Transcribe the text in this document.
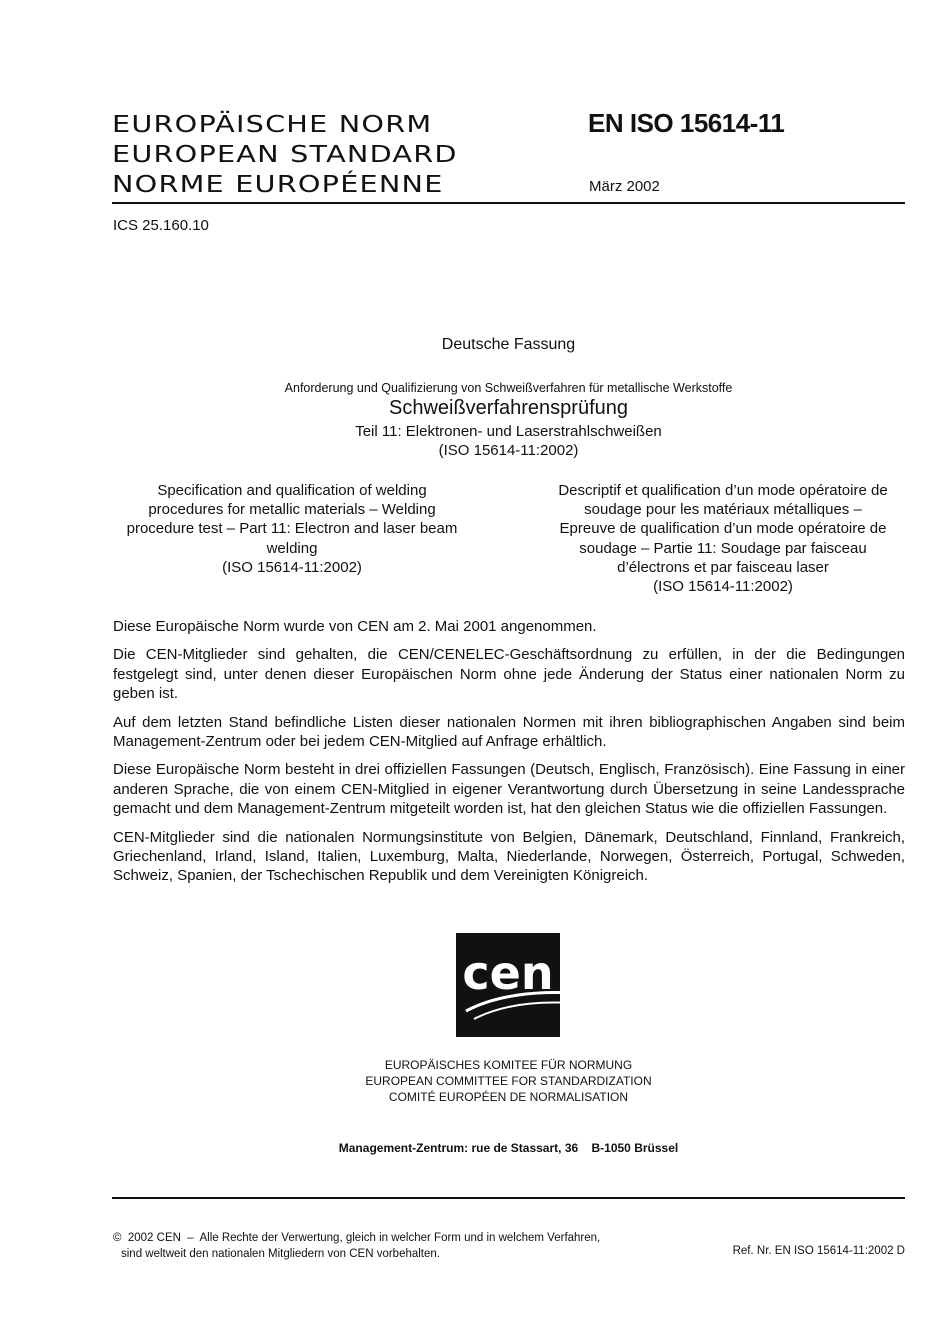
EUROPÄISCHE NORM
EUROPEAN STANDARD
NORME EUROPÉENNE
EN ISO 15614-11
März 2002
ICS 25.160.10
Deutsche Fassung
Anforderung und Qualifizierung von Schweißverfahren für metallische Werkstoffe
Schweißverfahrensprüfung
Teil 11: Elektronen- und Laserstrahlschweißen
(ISO 15614-11:2002)
Specification and qualification of welding
procedures for metallic materials – Welding
procedure test – Part 11: Electron and laser beam
welding
(ISO 15614-11:2002)
Descriptif et qualification d’un mode opératoire de
soudage pour les matériaux métalliques –
Epreuve de qualification d’un mode opératoire de
soudage – Partie 11: Soudage par faisceau
d’électrons et par faisceau laser
(ISO 15614-11:2002)

Diese Europäische Norm wurde von CEN am 2. Mai 2001 angenommen.

Die CEN-Mitglieder sind gehalten, die CEN/CENELEC-Geschäftsordnung zu erfüllen, in der die Bedingungen festgelegt sind, unter denen dieser Europäischen Norm ohne jede Änderung der Status einer nationalen Norm zu geben ist.

Auf dem letzten Stand befindliche Listen dieser nationalen Normen mit ihren bibliographischen Angaben sind beim Management-Zentrum oder bei jedem CEN-Mitglied auf Anfrage erhältlich.

Diese Europäische Norm besteht in drei offiziellen Fassungen (Deutsch, Englisch, Französisch). Eine Fassung in einer anderen Sprache, die von einem CEN-Mitglied in eigener Verantwortung durch Übersetzung in seine Landessprache gemacht und dem Management-Zentrum mitgeteilt worden ist, hat den gleichen Status wie die offiziellen Fassungen.

CEN-Mitglieder sind die nationalen Normungsinstitute von Belgien, Dänemark, Deutschland, Finnland, Frankreich, Griechenland, Irland, Island, Italien, Luxemburg, Malta, Niederlande, Norwegen, Österreich, Portugal, Schweden, Schweiz, Spanien, der Tschechischen Republik und dem Vereinigten Königreich.

cen
EUROPÄISCHES KOMITEE FÜR NORMUNG
EUROPEAN COMMITTEE FOR STANDARDIZATION
COMITÉ EUROPÉEN DE NORMALISATION
Management-Zentrum: rue de Stassart, 36    B-1050 Brüssel
©  2002 CEN  –  Alle Rechte der Verwertung, gleich in welcher Form und in welchem Verfahren,
sind weltweit den nationalen Mitgliedern von CEN vorbehalten.	Ref. Nr. EN ISO 15614-11:2002 D
